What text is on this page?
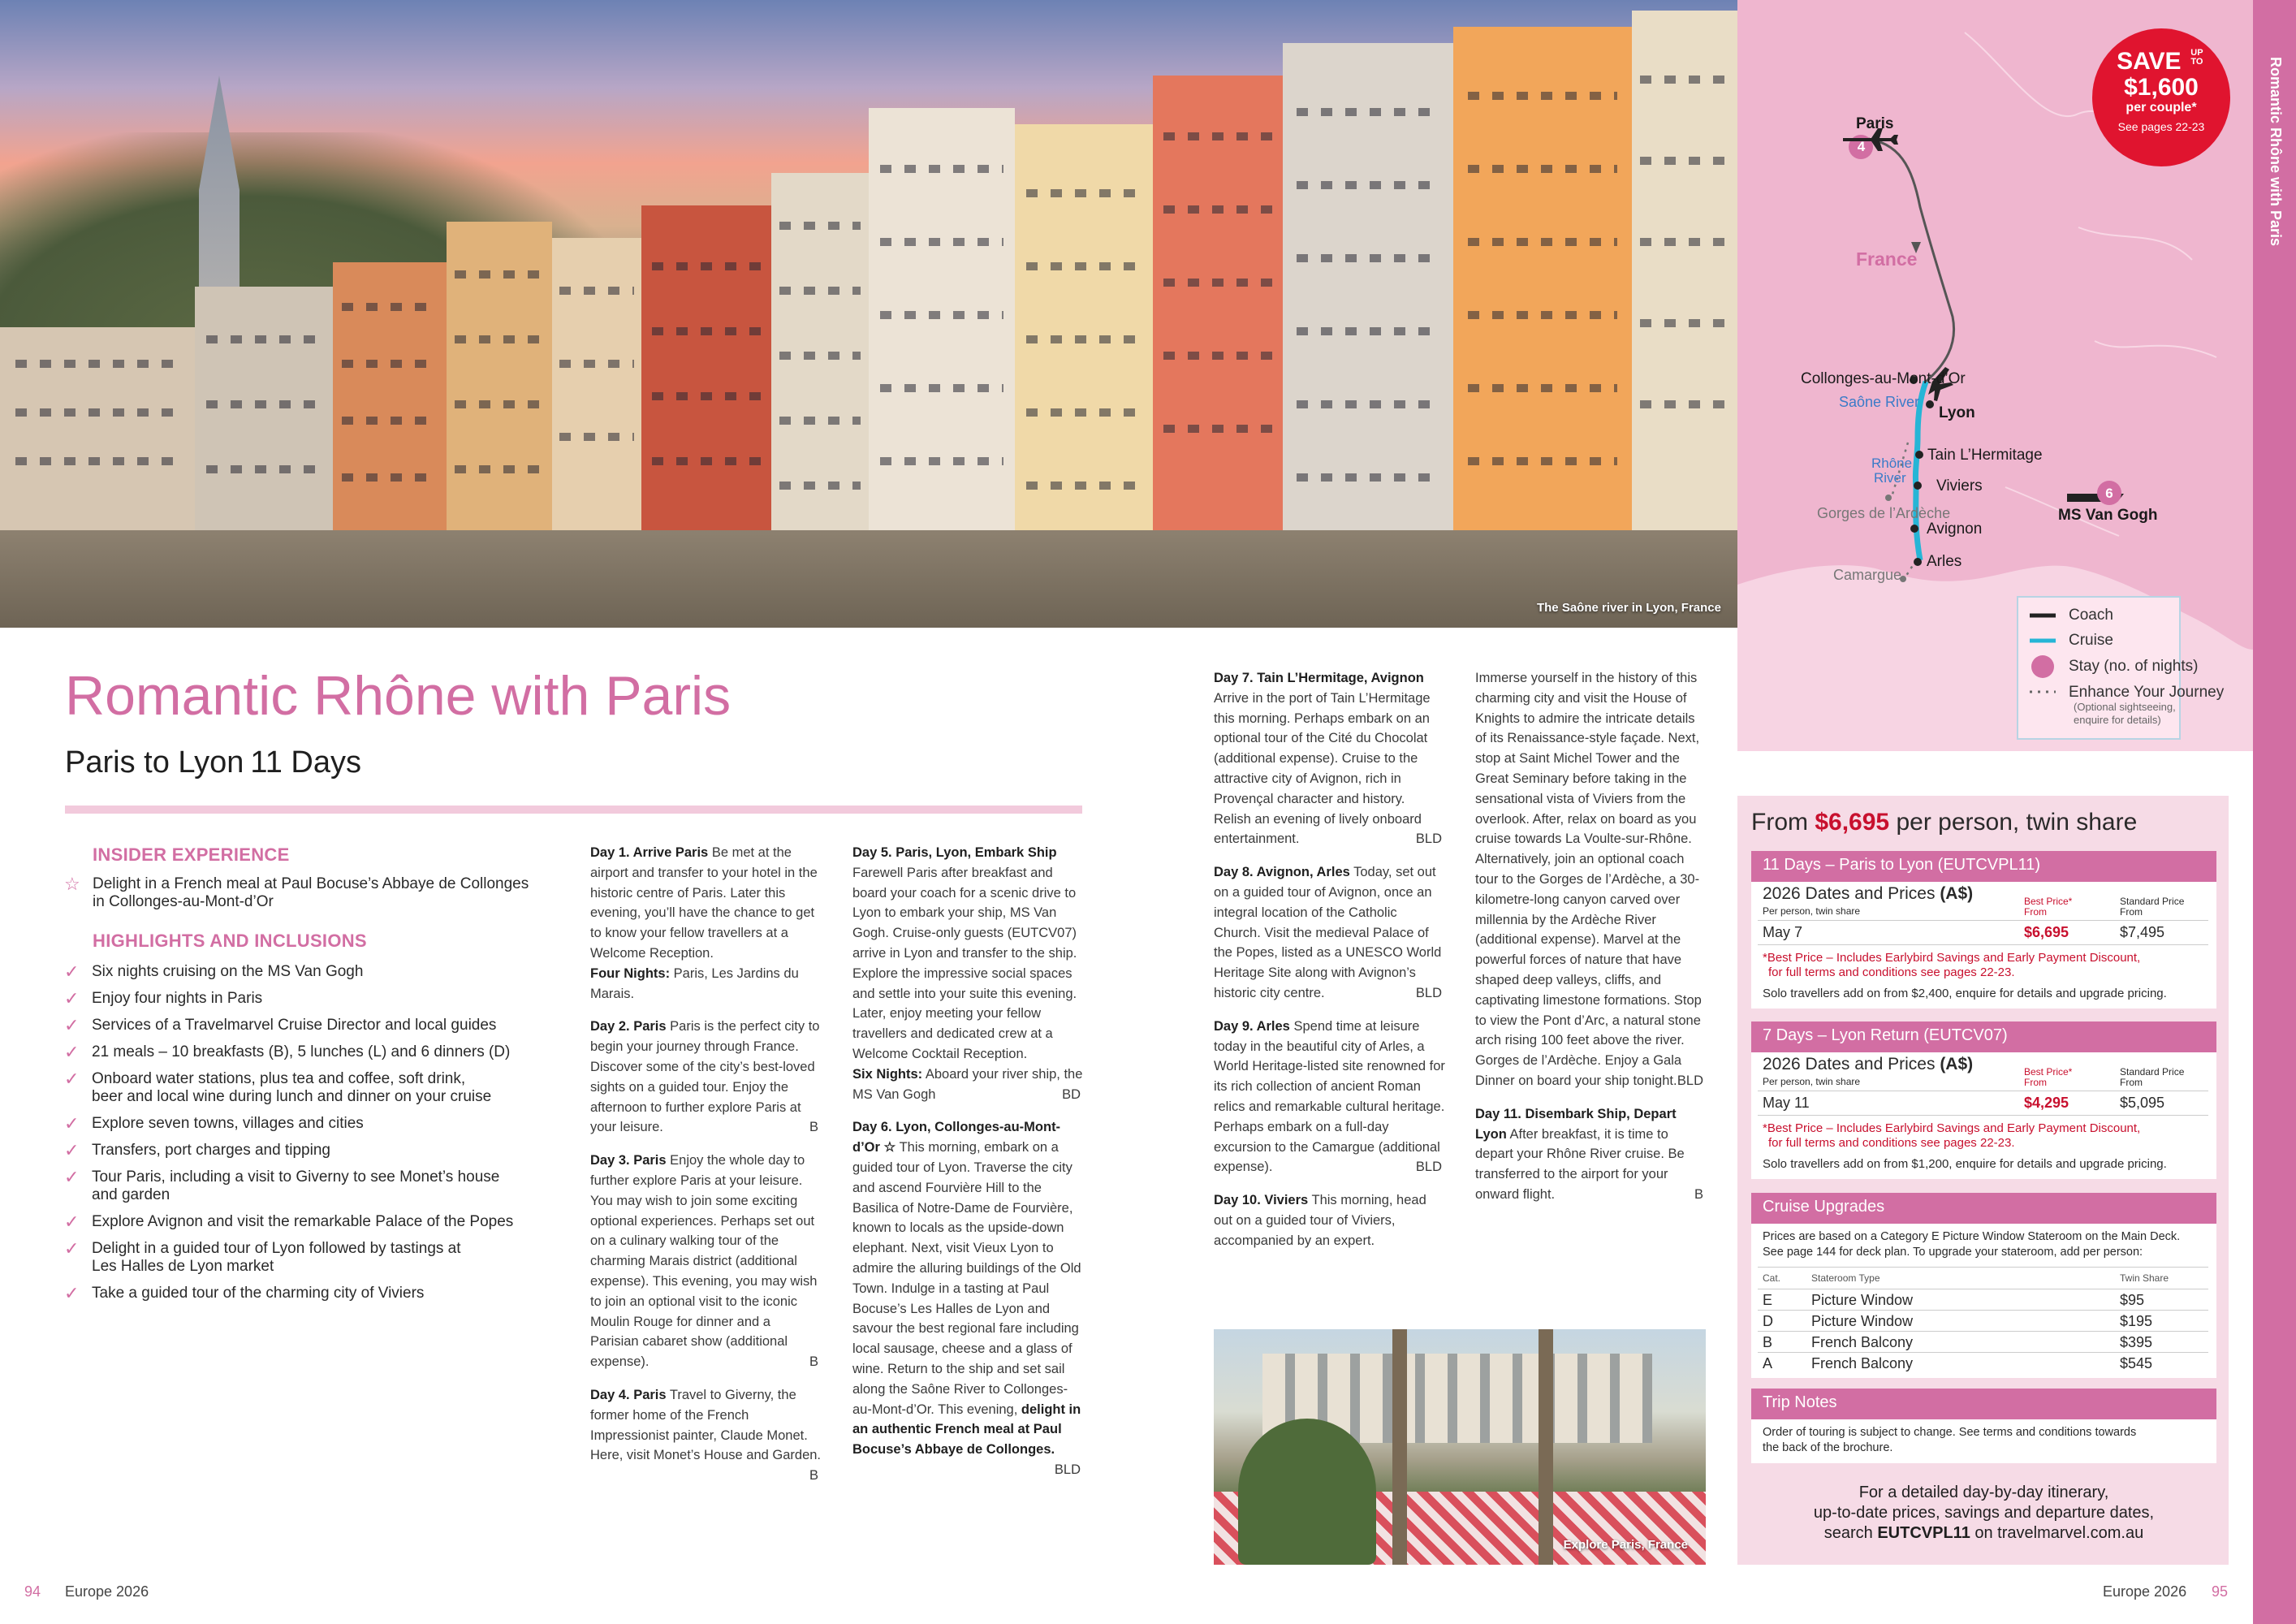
The Saône river in Lyon, France
Paris
4
France
Collonges-au-Mont-d’Or
Saône River
Lyon
Tain L’Hermitage
Viviers
Rhône
River
Gorges de l’Ardèche
Avignon
Arles
Camargue
6
MS Van Gogh
Coach
Cruise
Stay (no. of nights)
Enhance Your Journey
(Optional sightseeing,
enquire for details)
SAVE UP TO
$1,600
per couple*
See pages 22-23	Romantic Rhône with Paris
Romantic Rhône with Paris
Paris to Lyon 11 Days
INSIDER EXPERIENCE
☆ Delight in a French meal at Paul Bocuse’s Abbaye de Collonges
in Collonges-au-Mont-d’Or
HIGHLIGHTS AND INCLUSIONS
✓ Six nights cruising on the MS Van Gogh
✓ Enjoy four nights in Paris
✓ Services of a Travelmarvel Cruise Director and local guides
✓ 21 meals – 10 breakfasts (B), 5 lunches (L) and 6 dinners (D)
✓ Onboard water stations, plus tea and coffee, soft drink,
beer and local wine during lunch and dinner on your cruise
✓ Explore seven towns, villages and cities
✓ Transfers, port charges and tipping
✓ Tour Paris, including a visit to Giverny to see Monet’s house
and garden
✓ Explore Avignon and visit the remarkable Palace of the Popes
✓ Delight in a guided tour of Lyon followed by tastings at
Les Halles de Lyon market
✓ Take a guided tour of the charming city of Viviers

Day 1. Arrive Paris Be met at the airport and transfer to your hotel in the historic centre of Paris. Later this evening, you’ll have the chance to get to know your fellow travellers at a Welcome Reception.
Four Nights: Paris, Les Jardins du Marais.

Day 2. Paris Paris is the perfect city to begin your journey through France. Discover some of the city’s best-loved sights on a guided tour. Enjoy the afternoon to further explore Paris at your leisure.	B

Day 3. Paris Enjoy the whole day to further explore Paris at your leisure. You may wish to join some exciting optional experiences. Perhaps set out on a culinary walking tour of the charming Marais district (additional expense). This evening, you may wish to join an optional visit to the iconic Moulin Rouge for dinner and a Parisian cabaret show (additional expense).	B

Day 4. Paris Travel to Giverny, the former home of the French Impressionist painter, Claude Monet. Here, visit Monet’s House and Garden.
B

Day 5. Paris, Lyon, Embark Ship Farewell Paris after breakfast and board your coach for a scenic drive to Lyon to embark your ship, MS Van Gogh. Cruise-only guests (EUTCV07) arrive in Lyon and transfer to the ship. Explore the impressive social spaces and settle into your suite this evening. Later, enjoy meeting your fellow travellers and dedicated crew at a Welcome Cocktail Reception.
Six Nights: Aboard your river ship, the MS Van Gogh	BD

Day 6. Lyon, Collonges-au-Mont-d’Or ☆ This morning, embark on a guided tour of Lyon. Traverse the city and ascend Fourvière Hill to the Basilica of Notre-Dame de Fourvière, known to locals as the upside-down elephant. Next, visit Vieux Lyon to admire the alluring buildings of the Old Town. Indulge in a tasting at Paul Bocuse’s Les Halles de Lyon and savour the best regional fare including local sausage, cheese and a glass of wine. Return to the ship and set sail along the Saône River to Collonges-au-Mont-d’Or. This evening, delight in an authentic French meal at Paul Bocuse’s Abbaye de Collonges.
BLD

Day 7. Tain L’Hermitage, Avignon Arrive in the port of Tain L’Hermitage this morning. Perhaps embark on an optional tour of the Cité du Chocolat (additional expense). Cruise to the attractive city of Avignon, rich in Provençal character and history. Relish an evening of lively onboard entertainment.	BLD

Day 8. Avignon, Arles Today, set out on a guided tour of Avignon, once an integral location of the Catholic Church. Visit the medieval Palace of the Popes, listed as a UNESCO World Heritage Site along with Avignon’s historic city centre.	BLD

Day 9. Arles Spend time at leisure today in the beautiful city of Arles, a World Heritage-listed site renowned for its rich collection of ancient Roman relics and remarkable cultural heritage. Perhaps embark on a full-day excursion to the Camargue (additional expense).	BLD

Day 10. Viviers This morning, head out on a guided tour of Viviers, accompanied by an expert.

Immerse yourself in the history of this charming city and visit the House of Knights to admire the intricate details of its Renaissance-style façade. Next, stop at Saint Michel Tower and the Great Seminary before taking in the sensational vista of Viviers from the overlook. After, relax on board as you cruise towards La Voulte-sur-Rhône. Alternatively, join an optional coach tour to the Gorges de l’Ardèche, a 30-kilometre-long canyon carved over millennia by the Ardèche River (additional expense). Marvel at the powerful forces of nature that have shaped deep valleys, cliffs, and captivating limestone formations. Stop to view the Pont d’Arc, a natural stone arch rising 100 feet above the river. Gorges de l’Ardèche. Enjoy a Gala Dinner on board your ship tonight. BLD

Day 11. Disembark Ship, Depart Lyon After breakfast, it is time to depart your Rhône River cruise. Be transferred to the airport for your onward flight.	B

Explore Paris, France
From $6,695 per person, twin share
11 Days – Paris to Lyon (EUTCVPL11)
2026 Dates and Prices (A$)
Per person, twin share
Best Price*
From
Standard Price
From
May 7	$6,695	$7,495
*Best Price – Includes Earlybird Savings and Early Payment Discount,
for full terms and conditions see pages 22-23.
Solo travellers add on from $2,400, enquire for details and upgrade pricing.
7 Days – Lyon Return (EUTCV07)
2026 Dates and Prices (A$)
Per person, twin share
Best Price*
From
Standard Price
From
May 11	$4,295	$5,095
*Best Price – Includes Earlybird Savings and Early Payment Discount,
for full terms and conditions see pages 22-23.
Solo travellers add on from $1,200, enquire for details and upgrade pricing.
Cruise Upgrades
Prices are based on a Category E Picture Window Stateroom on the Main Deck.
See page 144 for deck plan. To upgrade your stateroom, add per person:
Cat.	Stateroom Type	Twin Share
E	Picture Window	$95
D	Picture Window	$195
B	French Balcony	$395
A	French Balcony	$545
Trip Notes
Order of touring is subject to change. See terms and conditions towards
the back of the brochure.
For a detailed day-by-day itinerary,
up-to-date prices, savings and departure dates,
search EUTCVPL11 on travelmarvel.com.au
94 Europe 2026	Europe 2026 95
